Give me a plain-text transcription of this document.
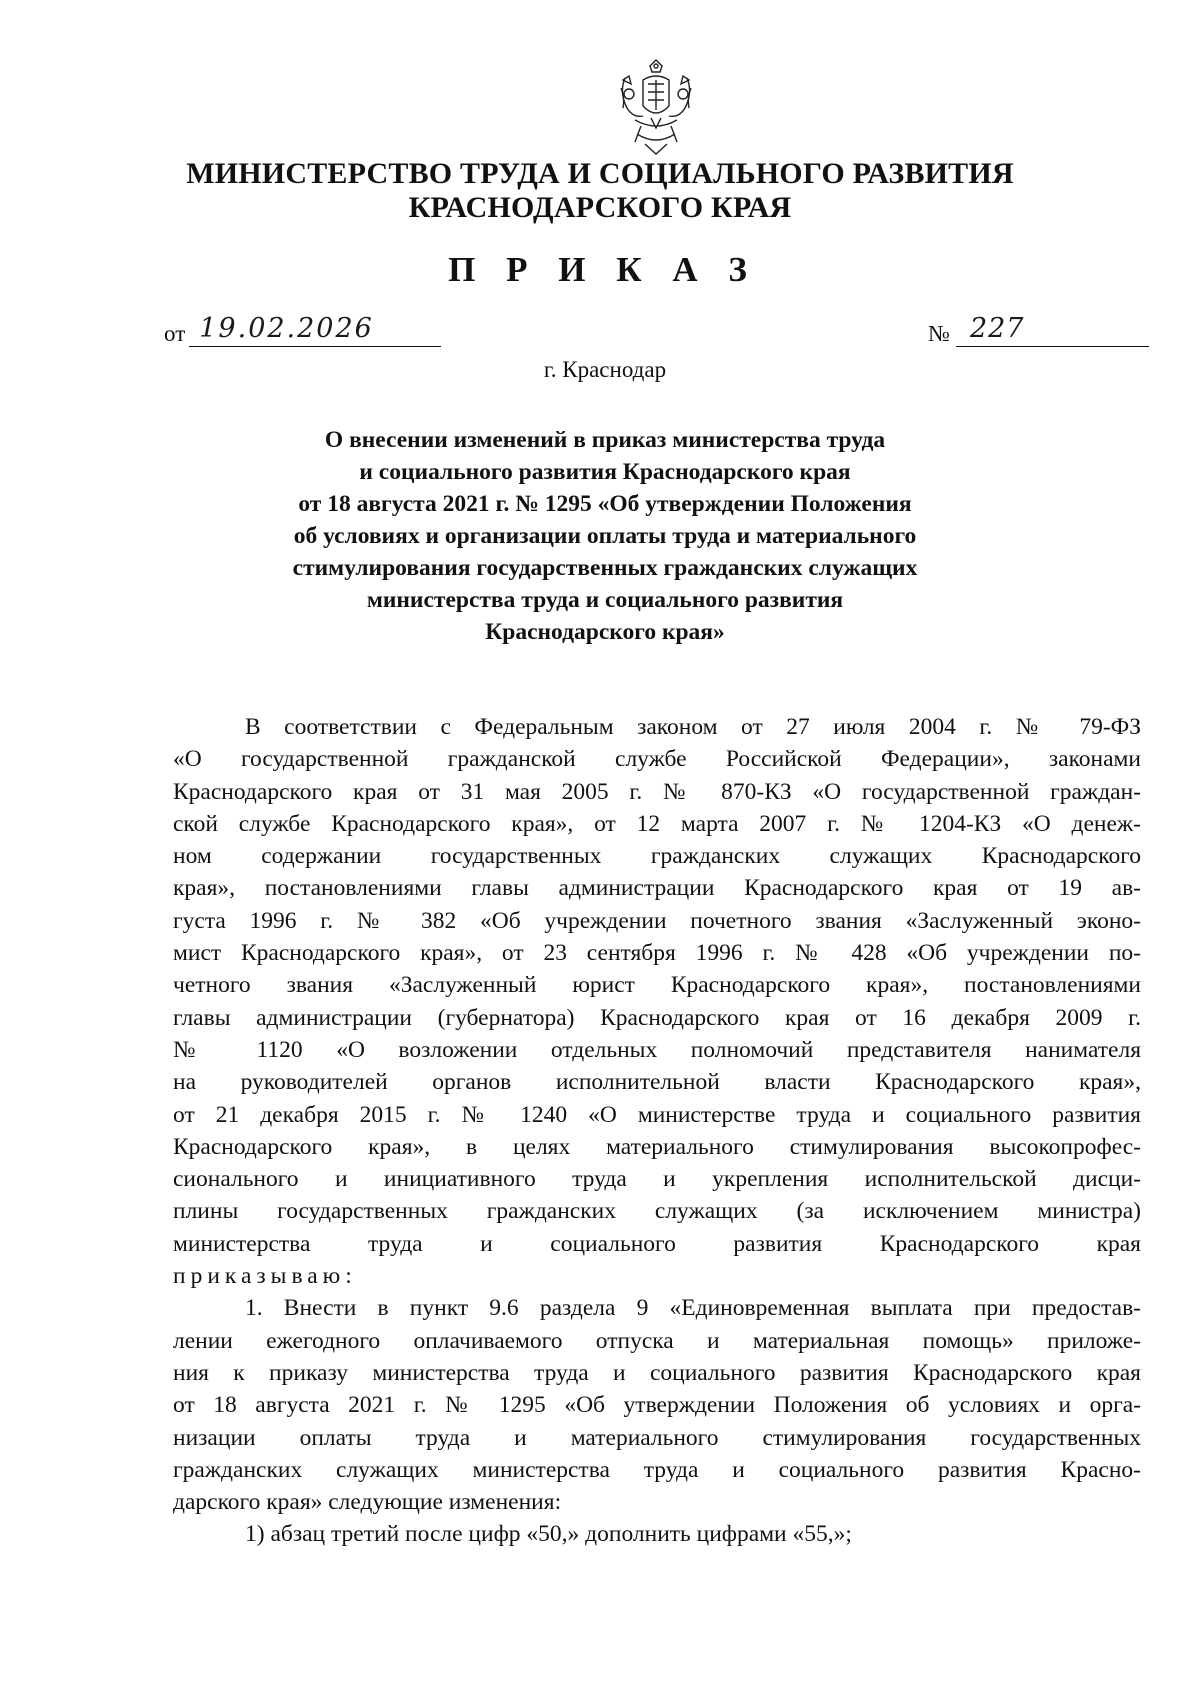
МИНИСТЕРСТВО ТРУДА И СОЦИАЛЬНОГО РАЗВИТИЯ
КРАСНОДАРСКОГО КРАЯ
П Р И К А З
от 19.02.2026	№ 227
г. Краснодар
О внесении изменений в приказ министерства труда
и социального развития Краснодарского края
от 18 августа 2021 г. № 1295 «Об утверждении Положения
об условиях и организации оплаты труда и материального
стимулирования государственных гражданских служащих
министерства труда и социального развития
Краснодарского края»
В соответствии с Федеральным законом от 27 июля 2004 г. № 79-ФЗ
«О государственной гражданской службе Российской Федерации», законами
Краснодарского края от 31 мая 2005 г. № 870-КЗ «О государственной граждан-
ской службе Краснодарского края», от 12 марта 2007 г. № 1204-КЗ «О денеж-
ном содержании государственных гражданских служащих Краснодарского
края», постановлениями главы администрации Краснодарского края от 19 ав-
густа 1996 г. № 382 «Об учреждении почетного звания «Заслуженный эконо-
мист Краснодарского края», от 23 сентября 1996 г. № 428 «Об учреждении по-
четного звания «Заслуженный юрист Краснодарского края», постановлениями
главы администрации (губернатора) Краснодарского края от 16 декабря 2009 г.
№ 1120 «О возложении отдельных полномочий представителя нанимателя
на руководителей органов исполнительной власти Краснодарского края»,
от 21 декабря 2015 г. № 1240 «О министерстве труда и социального развития
Краснодарского края», в целях материального стимулирования высокопрофес-
сионального и инициативного труда и укрепления исполнительской дисци-
плины государственных гражданских служащих (за исключением министра)
министерства труда и социального развития Краснодарского края
приказываю:
1. Внести в пункт 9.6 раздела 9 «Единовременная выплата при предостав-
лении ежегодного оплачиваемого отпуска и материальная помощь» приложе-
ния к приказу министерства труда и социального развития Краснодарского края
от 18 августа 2021 г. № 1295 «Об утверждении Положения об условиях и орга-
низации оплаты труда и материального стимулирования государственных
гражданских служащих министерства труда и социального развития Красно-
дарского края» следующие изменения:
1) абзац третий после цифр «50,» дополнить цифрами «55,»;
